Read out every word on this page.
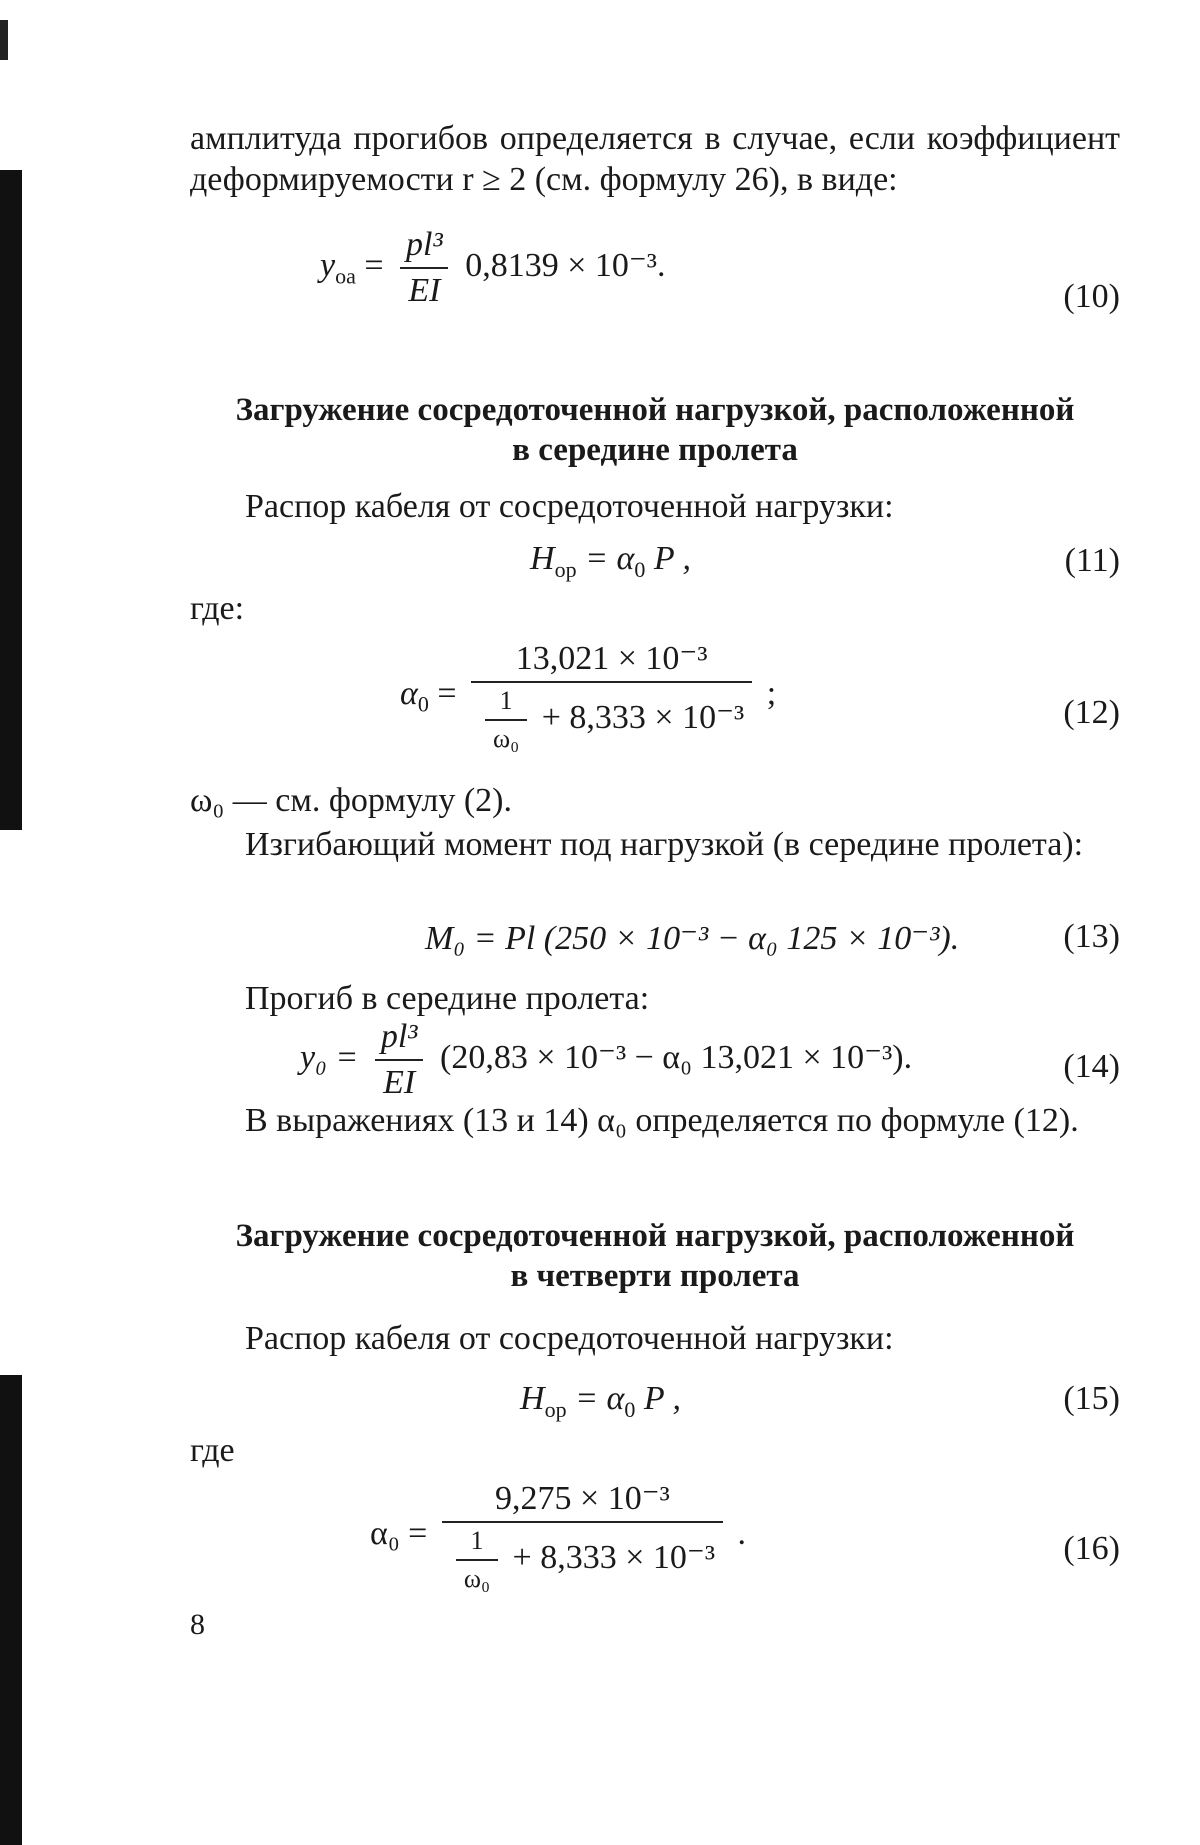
амплитуда прогибов определяется в случае, если коэффициент деформируемости r ≥ 2 (см. формулу 26), в виде:
$y_{oa} = \frac{\text{pl³}}{EI} 0,8139 \times 10^{-3}$.
(10)
Загружение сосредоточенной нагрузкой, расположенной
в середине пролета
Распор кабеля от сосредоточенной нагрузки:
$H_{op} = \alpha_0$ P ,	(11)
где:
$\alpha_0 = \frac{\text{13,021 × 10⁻³}}{\frac{1}{\text{ω₀}} + 8,333 \times 10^{-3}}$ ;
(12)
ω₀ — см. формулу (2).
Изгибающий момент под нагрузкой (в середине пролета):
M₀ = Pl (250 × 10⁻³ − α₀ 125 × 10⁻³).	(13)
Прогиб в середине пролета:
$y_0 = \frac{\text{pl³}}{EI} (20,83 \times 10^{-3} - \alpha_0$ 13,021 × 10⁻³).	(14)
В выражениях (13 и 14) α₀ определяется по формуле (12).
Загружение сосредоточенной нагрузкой, расположенной
в четверти пролета
Распор кабеля от сосредоточенной нагрузки:
$H_{op} = \alpha_0$ P ,	(15)
где
$\alpha_0 = \frac{\text{9,275 × 10⁻³}}{\frac{1}{\text{ω₀}} + 8,333 \times 10^{-3}}$ .	(16)
8
